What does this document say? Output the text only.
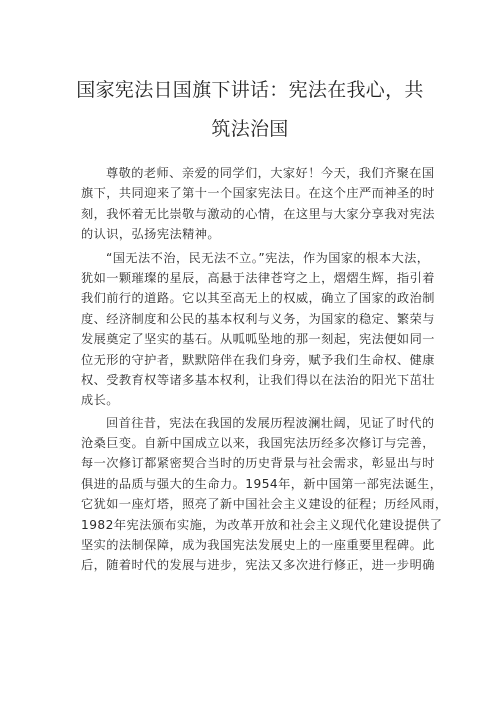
国家宪法日国旗下讲话：宪法在我心，共
筑法治国

尊敬的老师、亲爱的同学们，大家好！今天，我们齐聚在国

旗下，共同迎来了第十一个国家宪法日。在这个庄严而神圣的时

刻，我怀着无比崇敬与激动的心情，在这里与大家分享我对宪法

的认识，弘扬宪法精神。

“国无法不治，民无法不立。”宪法，作为国家的根本大法，

犹如一颗璀璨的星辰，高悬于法律苍穹之上，熠熠生辉，指引着

我们前行的道路。它以其至高无上的权威，确立了国家的政治制

度、经济制度和公民的基本权利与义务，为国家的稳定、繁荣与

发展奠定了坚实的基石。从呱呱坠地的那一刻起，宪法便如同一

位无形的守护者，默默陪伴在我们身旁，赋予我们生命权、健康

权、受教育权等诸多基本权利，让我们得以在法治的阳光下茁壮

成长。

回首往昔，宪法在我国的发展历程波澜壮阔，见证了时代的

沧桑巨变。自新中国成立以来，我国宪法历经多次修订与完善，

每一次修订都紧密契合当时的历史背景与社会需求，彰显出与时

俱进的品质与强大的生命力。1954年，新中国第一部宪法诞生，

它犹如一座灯塔，照亮了新中国社会主义建设的征程；历经风雨，

1982年宪法颁布实施，为改革开放和社会主义现代化建设提供了

坚实的法制保障，成为我国宪法发展史上的一座重要里程碑。此

后，随着时代的发展与进步，宪法又多次进行修正，进一步明确
